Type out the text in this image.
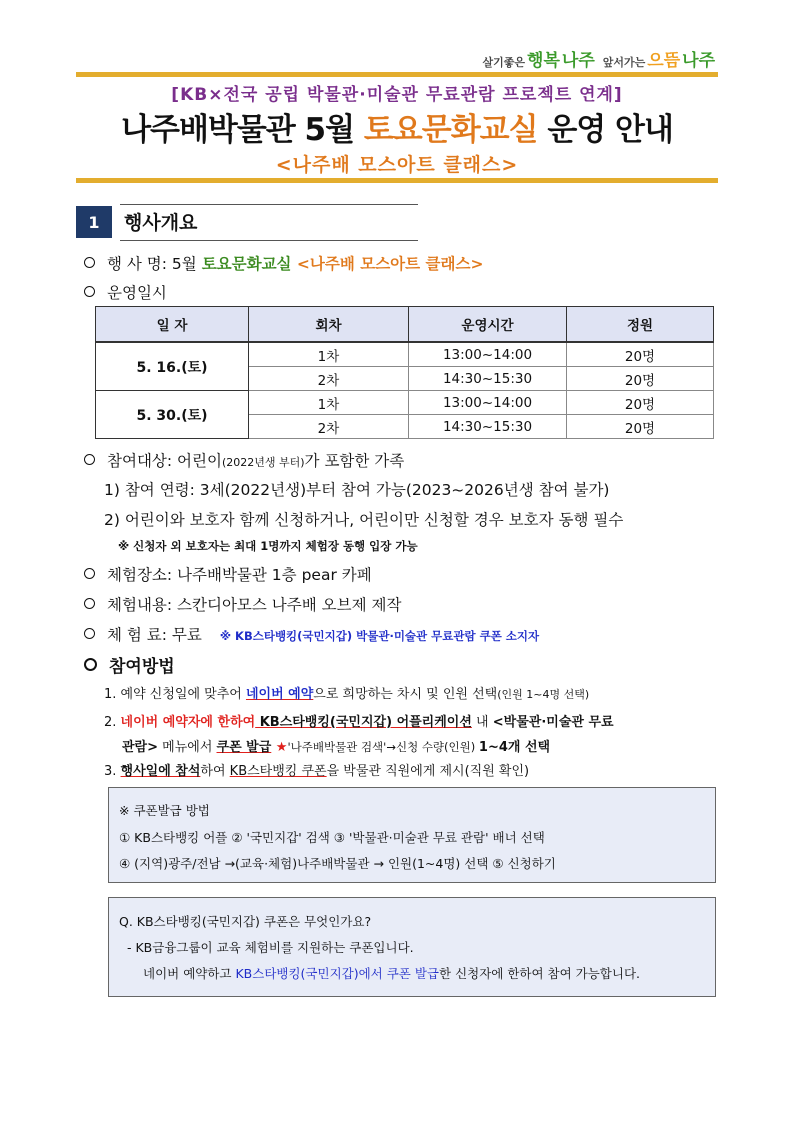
살기좋은 행복 나주 앞서가는 으뜸 나주
[KB×전국 공립 박물관·미술관 무료관람 프로젝트 연계]
나주배박물관 5월 토요문화교실 운영 안내
<나주배 모스아트 클래스>
1	행사개요
행 사 명: 5월 토요문화교실 <나주배 모스아트 클래스>
운영일시
일 자	회차	운영시간	정원
5. 16.(토)	1차	13:00~14:00	20명
	2차	14:30~15:30	20명
5. 30.(토)	1차	13:00~14:00	20명
	2차	14:30~15:30	20명
참여대상: 어린이(2022년생 부터)가 포함한 가족
1) 참여 연령: 3세(2022년생)부터 참여 가능(2023~2026년생 참여 불가)
2) 어린이와 보호자 함께 신청하거나, 어린이만 신청할 경우 보호자 동행 필수
※ 신청자 외 보호자는 최대 1명까지 체험장 동행 입장 가능
체험장소: 나주배박물관 1층 pear 카페
체험내용: 스칸디아모스 나주배 오브제 제작
체 험 료: 무료 ※ KB스타뱅킹(국민지갑) 박물관·미술관 무료관람 쿠폰 소지자
참여방법
1. 예약 신청일에 맞추어 네이버 예약으로 희망하는 차시 및 인원 선택(인원 1~4명 선택)
2. 네이버 예약자에 한하여 KB스타뱅킹(국민지갑) 어플리케이션 내 <박물관·미술관 무료
관람> 메뉴에서 쿠폰 발급 ★'나주배박물관 검색'→신청 수량(인원) 1~4개 선택
3. 행사일에 참석하여 KB스타뱅킹 쿠폰을 박물관 직원에게 제시(직원 확인)

※ 쿠폰발급 방법

① KB스타뱅킹 어플 ② '국민지갑' 검색 ③ '박물관·미술관 무료 관람' 배너 선택

④ (지역)광주/전남 →(교육·체험)나주배박물관 → 인원(1~4명) 선택 ⑤ 신청하기

Q. KB스타뱅킹(국민지갑) 쿠폰은 무엇인가요?

- KB금융그룹이 교육 체험비를 지원하는 쿠폰입니다.

네이버 예약하고 KB스타뱅킹(국민지갑)에서 쿠폰 발급한 신청자에 한하여 참여 가능합니다.
